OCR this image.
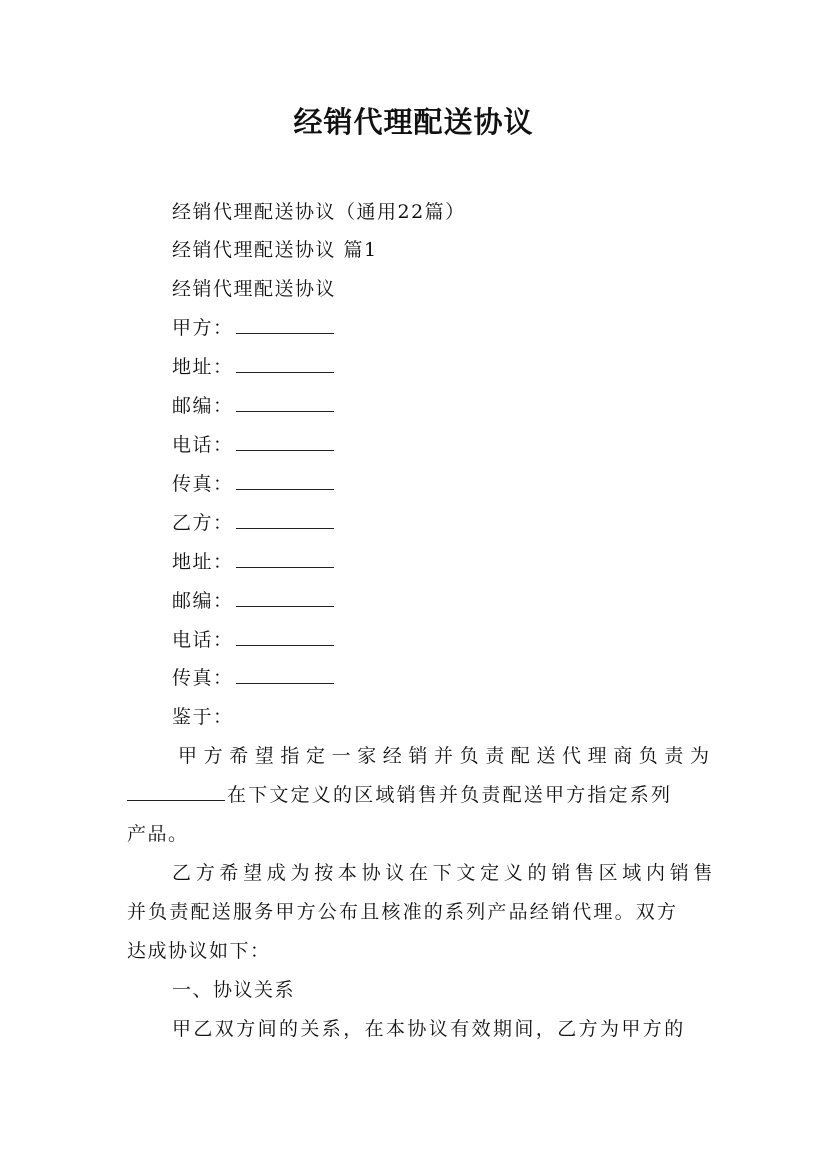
经销代理配送协议
经销代理配送协议（通用22篇）
经销代理配送协议 篇1
经销代理配送协议
甲方：
地址：
邮编：
电话：
传真：
乙方：
地址：
邮编：
电话：
传真：
鉴于：
甲方希望指定一家经销并负责配送代理商负责为
在下文定义的区域销售并负责配送甲方指定系列
产品。
乙方希望成为按本协议在下文定义的销售区域内销售
并负责配送服务甲方公布且核准的系列产品经销代理。双方
达成协议如下：
一、协议关系
甲乙双方间的关系，在本协议有效期间，乙方为甲方的
